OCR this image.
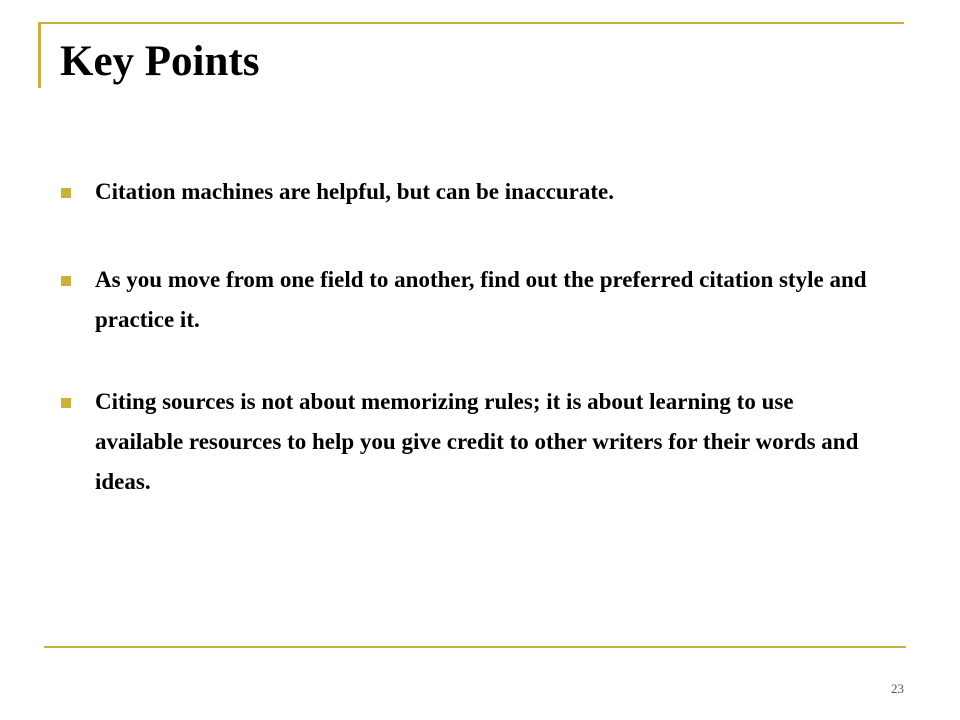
Key Points
Citation machines are helpful, but can be inaccurate.
As you move from one field to another, find out the preferred citation style and practice it.
Citing sources is not about memorizing rules; it is about learning to use available resources to help you give credit to other writers for their words and ideas.
23
